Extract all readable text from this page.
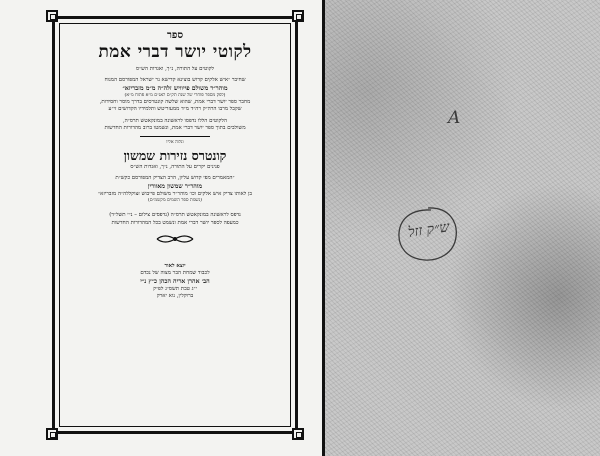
ספר
לקוטי יושר דברי אמת
לקוטים על התורה, נ״ך, ואגדות הש״ס
שחיבר ״איש אלקים קדוש בוצינא קדישא נר ישראל המפורסם המנוח
מוהר״ר משולם פייוויש זלה״ה מ״מ מזבריזא״
(לפק מספר פוחרי של שנת תק״ם לאג״ם מ״א פתוח מ״א)
מחבר ספר יושר דברי אמת, שהוא שלשה קונטרסים בדרך מוסר וחסידות,
שקבל מרבו הרה״ק רה״ד מ״ד ממעזריטש ותלמידיו הקדושים זי״ע
הלקוטים הללו נדפסו לראשונה במונקאטש תרס״ה,
משולבים בתוך ספר יושר דברי אמת, ונשמטו ברוב מהדורות החדשות
ונלוה אליו
קונטרס נזירות שמשון
פנינים יקרים על התורה, נ״ך, ואגדות הש״ס
״המאמרים מפי קדוש עליון, הרב הצדיק המפורסם כקש״ת
מוהר״ר שמשון מאוורין
בן לאותו צדיק איש אלקים וכו׳ מוהר״ר משולם פייבוש זצוקללה״ה מזבריזא״
(נשמת ספר השמים מקשמ״ם)
נדפס לראשונה במונקאטש תרס״ה (נדפסים צילום – נ״י תשל״ד)
כמעפה לספר יושר דברי אמת ונשמט בכל המהדורות החדשות
יוצא לאור
לכבוד שמחת הבר מצוה של נכדם
הב׳ אהרן אריה הכהן כ״ץ נ״י
י״ג טבת תשס״ג לפ״ק
ברוקלין, נוא יארק
A
ש״ק זזל
